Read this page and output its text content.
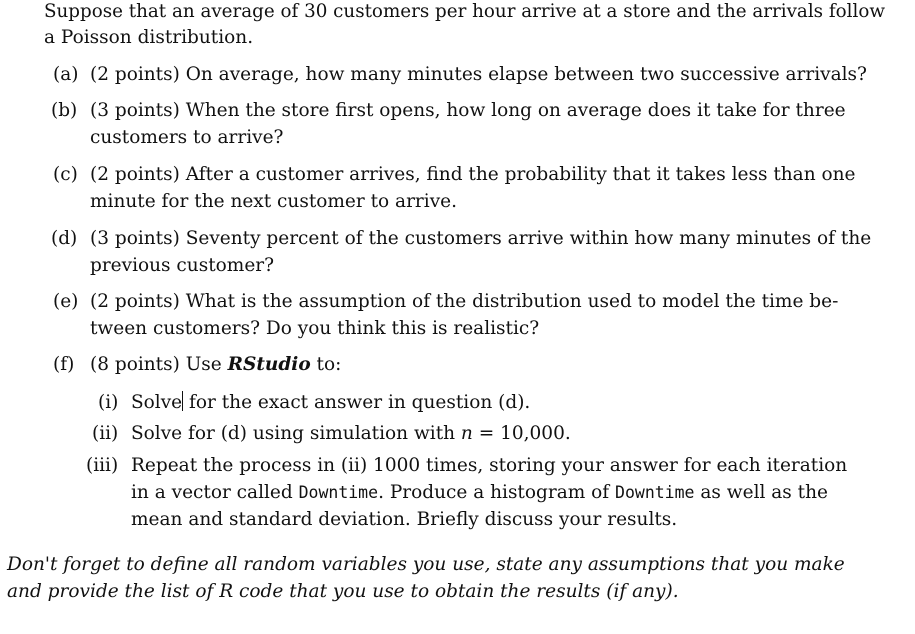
Suppose that an average of 30 customers per hour arrive at a store and the arrivals follow
a Poisson distribution.
(a) (2 points) On average, how many minutes elapse between two successive arrivals?
(b) (3 points) When the store first opens, how long on average does it take for three
customers to arrive?
(c) (2 points) After a customer arrives, find the probability that it takes less than one
minute for the next customer to arrive.
(d) (3 points) Seventy percent of the customers arrive within how many minutes of the
previous customer?
(e) (2 points) What is the assumption of the distribution used to model the time be-
tween customers? Do you think this is realistic?
(f) (8 points) Use RStudio to:
(i) Solve for the exact answer in question (d).
(ii) Solve for (d) using simulation with n = 10,000.
(iii) Repeat the process in (ii) 1000 times, storing your answer for each iteration
in a vector called Downtime. Produce a histogram of Downtime as well as the
mean and standard deviation. Briefly discuss your results.
Don't forget to define all random variables you use, state any assumptions that you make
and provide the list of R code that you use to obtain the results (if any).
